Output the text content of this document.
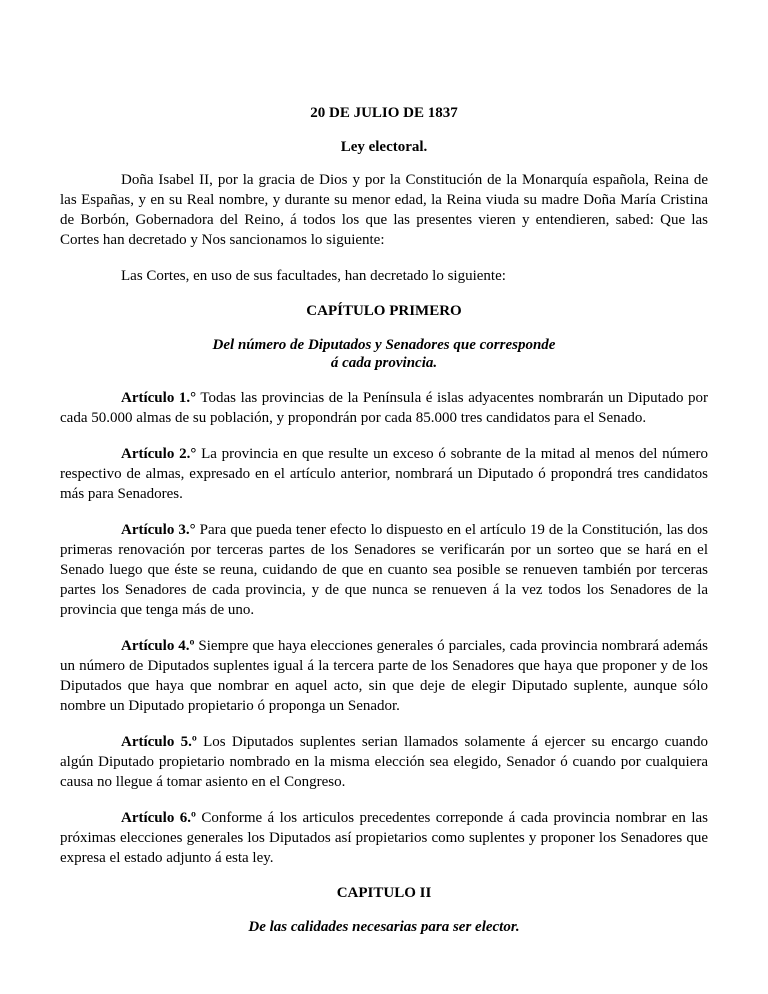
20 DE JULIO DE 1837

Ley electoral.

Doña Isabel II, por la gracia de Dios y por la Constitución de la Monarquía española, Reina de las Españas, y en su Real nombre, y durante su menor edad, la Reina viuda su madre Doña María Cristina de Borbón, Gobernadora del Reino, á todos los que las presentes vieren y entendieren, sabed: Que las Cortes han decretado y Nos sancionamos lo siguiente:

Las Cortes, en uso de sus facultades, han decretado lo siguiente:

CAPÍTULO PRIMERO

Del número de Diputados y Senadores que corresponde
á cada provincia.

Artículo 1.° Todas las provincias de la Península é islas adyacentes nombrarán un Diputado por cada 50.000 almas de su población, y propondrán por cada 85.000 tres candidatos para el Senado.

Artículo 2.° La provincia en que resulte un exceso ó sobrante de la mitad al menos del número respectivo de almas, expresado en el artículo anterior, nombrará un Diputado ó propondrá tres candidatos más para Senadores.

Artículo 3.° Para que pueda tener efecto lo dispuesto en el artículo 19 de la Constitución, las dos primeras renovación por terceras partes de los Senadores se verificarán por un sorteo que se hará en el Senado luego que éste se reuna, cuidando de que en cuanto sea posible se renueven también por terceras partes los Senadores de cada provincia, y de que nunca se renueven á la vez todos los Senadores de la provincia que tenga más de uno.

Artículo 4.º Siempre que haya elecciones generales ó parciales, cada provincia nombrará además un número de Diputados suplentes igual á la tercera parte de los Senadores que haya que proponer y de los Diputados que haya que nombrar en aquel acto, sin que deje de elegir Diputado suplente, aunque sólo nombre un Diputado propietario ó proponga un Senador.

Artículo 5.º Los Diputados suplentes serian llamados solamente á ejercer su encargo cuando algún Diputado propietario nombrado en la misma elección sea elegido, Senador ó cuando por cualquiera causa no llegue á tomar asiento en el Congreso.

Artículo 6.º Conforme á los articulos precedentes correponde á cada provincia nombrar en las próximas elecciones generales los Diputados así propietarios como suplentes y proponer los Senadores que expresa el estado adjunto á esta ley.

CAPITULO II

De las calidades necesarias para ser elector.
